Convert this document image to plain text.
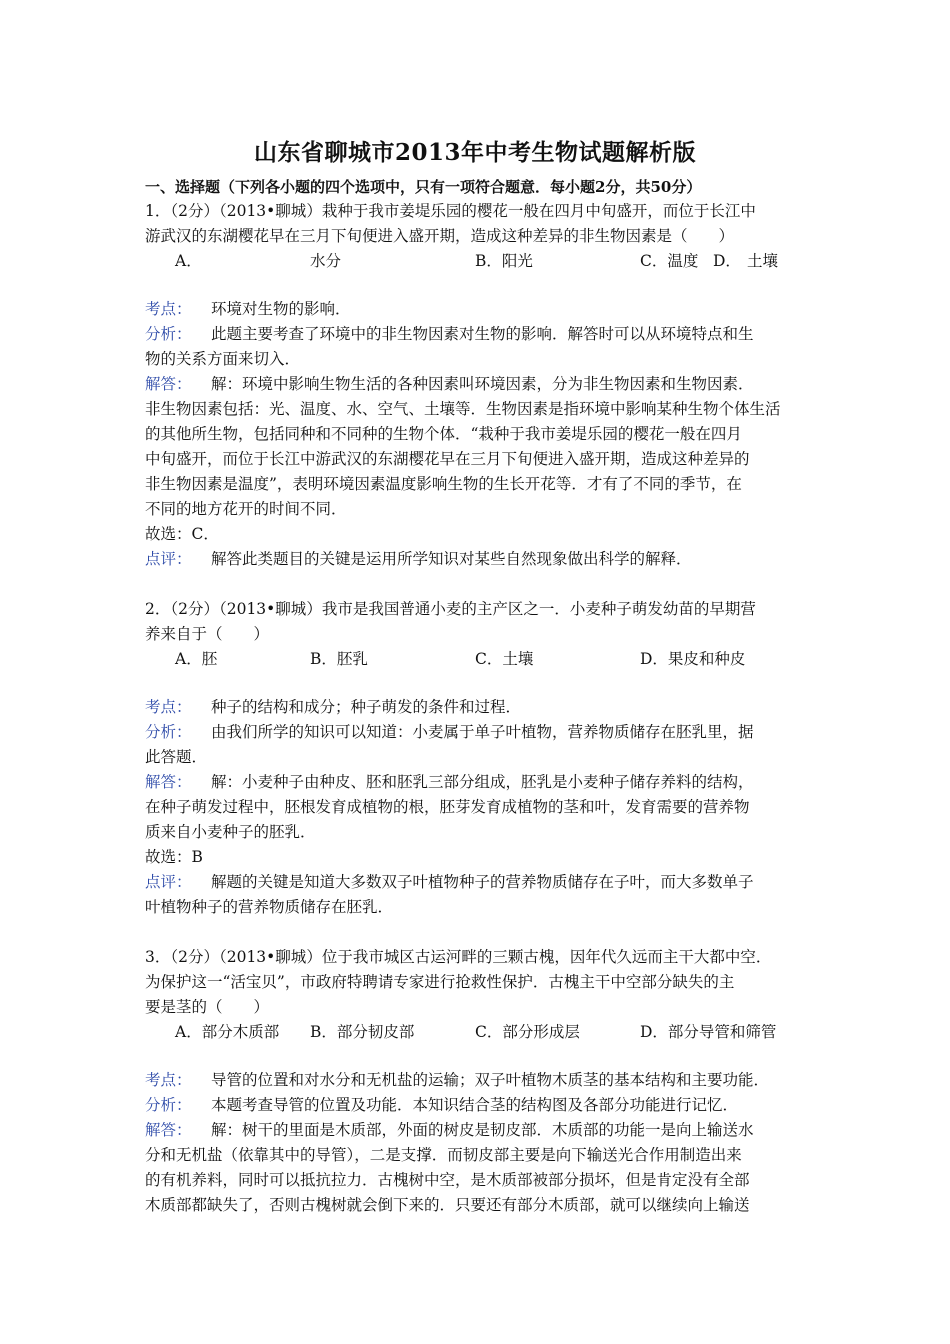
山东省聊城市2013年中考生物试题解析版
一、选择题（下列各小题的四个选项中，只有一项符合题意．每小题2分，共50分）

1．（2分）（2013•聊城）栽种于我市姜堤乐园的樱花一般在四月中旬盛开，而位于长江中

游武汉的东湖樱花早在三月下旬便进入盛开期，造成这种差异的非生物因素是（　　）

A．	水分	B．阳光	C．温度 D． 土壤

考点： 环境对生物的影响．

分析： 此题主要考查了环境中的非生物因素对生物的影响．解答时可以从环境特点和生

物的关系方面来切入．

解答： 解：环境中影响生物生活的各种因素叫环境因素，分为非生物因素和生物因素．

非生物因素包括：光、温度、水、空气、土壤等．生物因素是指环境中影响某种生物个体生活

的其他所生物，包括同种和不同种的生物个体．“栽种于我市姜堤乐园的樱花一般在四月

中旬盛开，而位于长江中游武汉的东湖樱花早在三月下旬便进入盛开期，造成这种差异的

非生物因素是温度”，表明环境因素温度影响生物的生长开花等．才有了不同的季节，在

不同的地方花开的时间不同．

故选：C．

点评： 解答此类题目的关键是运用所学知识对某些自然现象做出科学的解释．

2．（2分）（2013•聊城）我市是我国普通小麦的主产区之一．小麦种子萌发幼苗的早期营

养来自于（　　）

A．胚	B．胚乳	C．土壤	D．果皮和种皮

考点： 种子的结构和成分；种子萌发的条件和过程．

分析： 由我们所学的知识可以知道：小麦属于单子叶植物，营养物质储存在胚乳里，据

此答题．

解答： 解：小麦种子由种皮、胚和胚乳三部分组成，胚乳是小麦种子储存养料的结构，

在种子萌发过程中，胚根发育成植物的根，胚芽发育成植物的茎和叶，发育需要的营养物

质来自小麦种子的胚乳．

故选：B

点评： 解题的关键是知道大多数双子叶植物种子的营养物质储存在子叶，而大多数单子

叶植物种子的营养物质储存在胚乳．

3．（2分）（2013•聊城）位于我市城区古运河畔的三颗古槐，因年代久远而主干大都中空．

为保护这一“活宝贝”，市政府特聘请专家进行抢救性保护．古槐主干中空部分缺失的主

要是茎的（　　）

A．部分木质部	B．部分韧皮部	C．部分形成层	D．部分导管和筛管

考点： 导管的位置和对水分和无机盐的运输；双子叶植物木质茎的基本结构和主要功能．

分析： 本题考查导管的位置及功能．本知识结合茎的结构图及各部分功能进行记忆．

解答： 解：树干的里面是木质部，外面的树皮是韧皮部．木质部的功能一是向上输送水

分和无机盐（依靠其中的导管），二是支撑．而韧皮部主要是向下输送光合作用制造出来

的有机养料，同时可以抵抗拉力．古槐树中空，是木质部被部分损坏，但是肯定没有全部

木质部都缺失了，否则古槐树就会倒下来的．只要还有部分木质部，就可以继续向上输送
